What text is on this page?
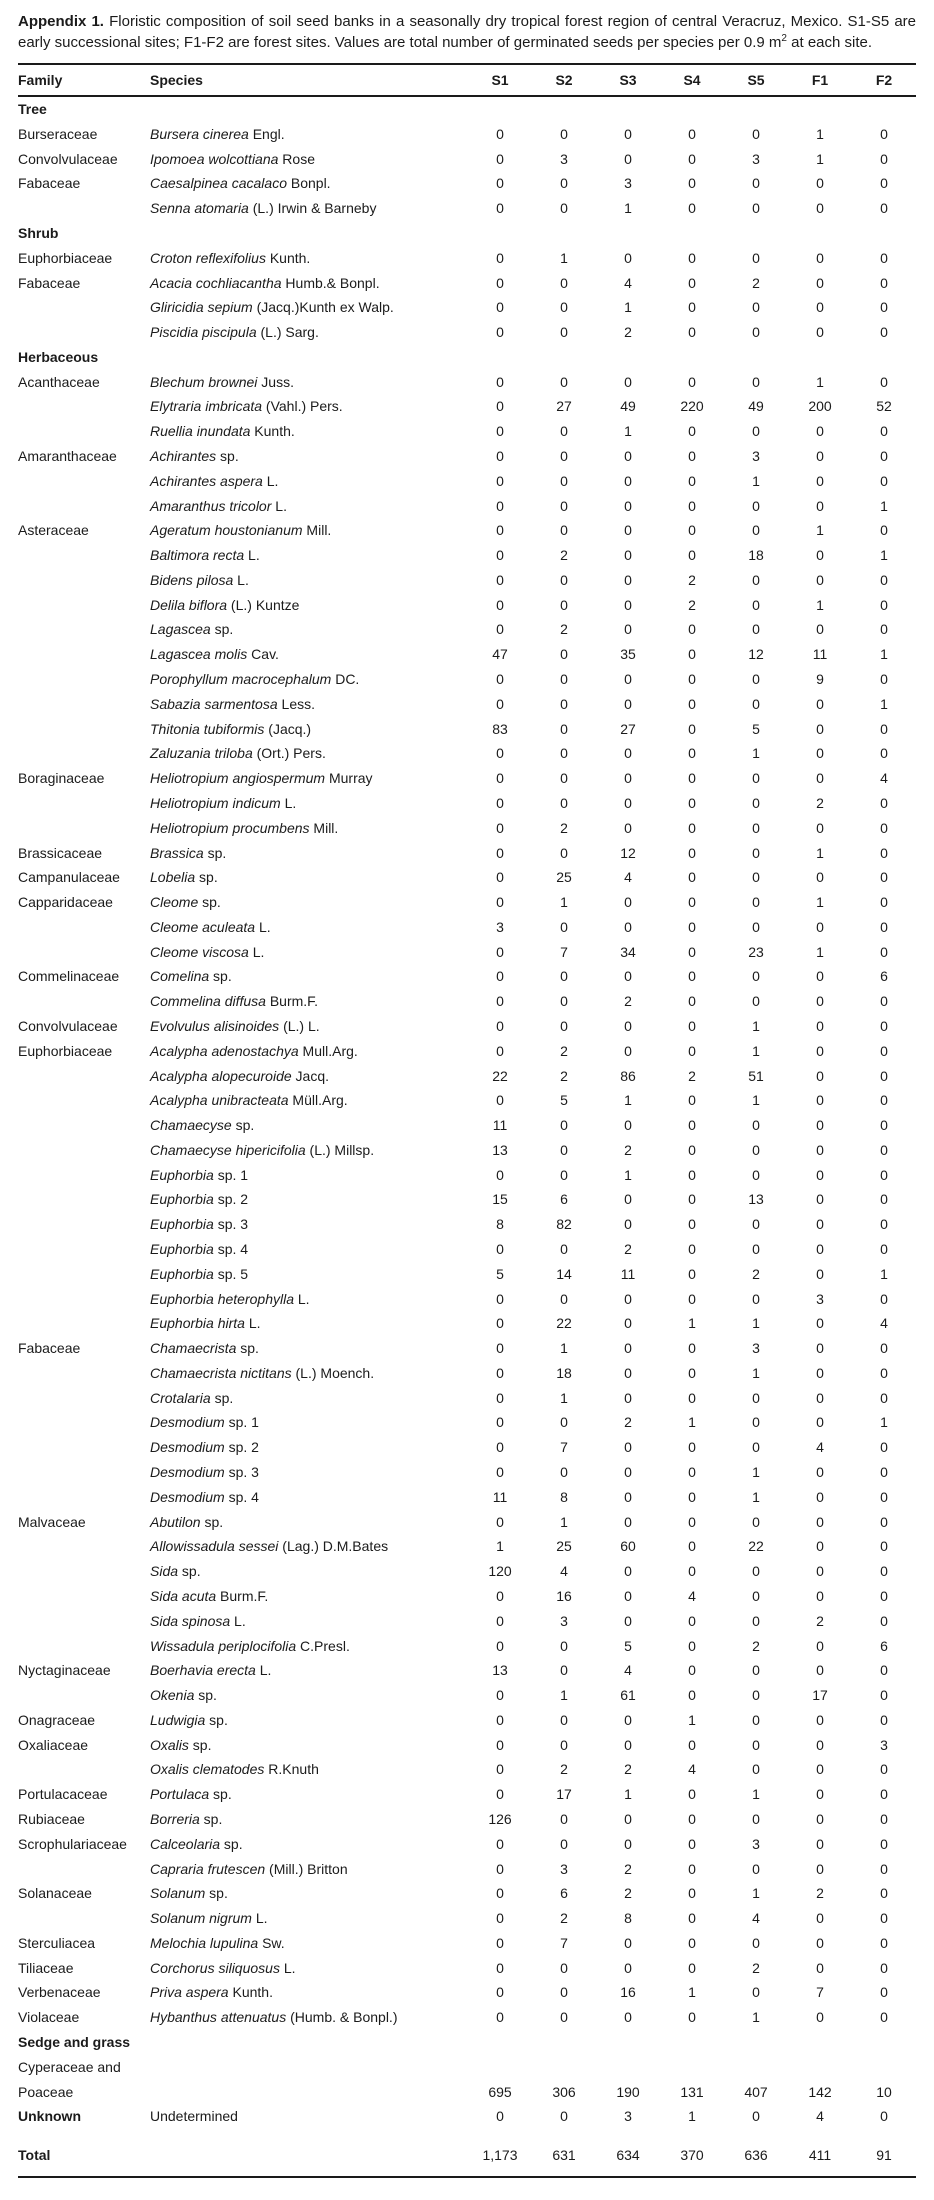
Appendix 1. Floristic composition of soil seed banks in a seasonally dry tropical forest region of central Veracruz, Mexico. S1-S5 are early successional sites; F1-F2 are forest sites. Values are total number of germinated seeds per species per 0.9 $m^2$ at each site.

Family	Species	S1	S2	S3	S4	S5	F1	F2
Tree								
Burseraceae	Bursera cinerea Engl.	0	0	0	0	0	1	0
Convolvulaceae	Ipomoea wolcottiana Rose	0	3	0	0	3	1	0
Fabaceae	Caesalpinea cacalaco Bonpl.	0	0	3	0	0	0	0
	Senna atomaria (L.) Irwin & Barneby	0	0	1	0	0	0	0
Shrub								
Euphorbiaceae	Croton reflexifolius Kunth.	0	1	0	0	0	0	0
Fabaceae	Acacia cochliacantha Humb.& Bonpl.	0	0	4	0	2	0	0
	Gliricidia sepium (Jacq.)Kunth ex Walp.	0	0	1	0	0	0	0
	Piscidia piscipula (L.) Sarg.	0	0	2	0	0	0	0
Herbaceous								
Acanthaceae	Blechum brownei Juss.	0	0	0	0	0	1	0
	Elytraria imbricata (Vahl.) Pers.	0	27	49	220	49	200	52
	Ruellia inundata Kunth.	0	0	1	0	0	0	0
Amaranthaceae	Achirantes sp.	0	0	0	0	3	0	0
	Achirantes aspera L.	0	0	0	0	1	0	0
	Amaranthus tricolor L.	0	0	0	0	0	0	1
Asteraceae	Ageratum houstonianum Mill.	0	0	0	0	0	1	0
	Baltimora recta L.	0	2	0	0	18	0	1
	Bidens pilosa L.	0	0	0	2	0	0	0
	Delila biflora (L.) Kuntze	0	0	0	2	0	1	0
	Lagascea sp.	0	2	0	0	0	0	0
	Lagascea molis Cav.	47	0	35	0	12	11	1
	Porophyllum macrocephalum DC.	0	0	0	0	0	9	0
	Sabazia sarmentosa Less.	0	0	0	0	0	0	1
	Thitonia tubiformis (Jacq.)	83	0	27	0	5	0	0
	Zaluzania triloba (Ort.) Pers.	0	0	0	0	1	0	0
Boraginaceae	Heliotropium angiospermum Murray	0	0	0	0	0	0	4
	Heliotropium indicum L.	0	0	0	0	0	2	0
	Heliotropium procumbens Mill.	0	2	0	0	0	0	0
Brassicaceae	Brassica sp.	0	0	12	0	0	1	0
Campanulaceae	Lobelia sp.	0	25	4	0	0	0	0
Capparidaceae	Cleome sp.	0	1	0	0	0	1	0
	Cleome aculeata L.	3	0	0	0	0	0	0
	Cleome viscosa L.	0	7	34	0	23	1	0
Commelinaceae	Comelina sp.	0	0	0	0	0	0	6
	Commelina diffusa Burm.F.	0	0	2	0	0	0	0
Convolvulaceae	Evolvulus alisinoides (L.) L.	0	0	0	0	1	0	0
Euphorbiaceae	Acalypha adenostachya Mull.Arg.	0	2	0	0	1	0	0
	Acalypha alopecuroide Jacq.	22	2	86	2	51	0	0
	Acalypha unibracteata Müll.Arg.	0	5	1	0	1	0	0
	Chamaecyse sp.	11	0	0	0	0	0	0
	Chamaecyse hipericifolia (L.) Millsp.	13	0	2	0	0	0	0
	Euphorbia sp. 1	0	0	1	0	0	0	0
	Euphorbia sp. 2	15	6	0	0	13	0	0
	Euphorbia sp. 3	8	82	0	0	0	0	0
	Euphorbia sp. 4	0	0	2	0	0	0	0
	Euphorbia sp. 5	5	14	11	0	2	0	1
	Euphorbia heterophylla L.	0	0	0	0	0	3	0
	Euphorbia hirta L.	0	22	0	1	1	0	4
Fabaceae	Chamaecrista sp.	0	1	0	0	3	0	0
	Chamaecrista nictitans (L.) Moench.	0	18	0	0	1	0	0
	Crotalaria sp.	0	1	0	0	0	0	0
	Desmodium sp. 1	0	0	2	1	0	0	1
	Desmodium sp. 2	0	7	0	0	0	4	0
	Desmodium sp. 3	0	0	0	0	1	0	0
	Desmodium sp. 4	11	8	0	0	1	0	0
Malvaceae	Abutilon sp.	0	1	0	0	0	0	0
	Allowissadula sessei (Lag.) D.M.Bates	1	25	60	0	22	0	0
	Sida sp.	120	4	0	0	0	0	0
	Sida acuta Burm.F.	0	16	0	4	0	0	0
	Sida spinosa L.	0	3	0	0	0	2	0
	Wissadula periplocifolia C.Presl.	0	0	5	0	2	0	6
Nyctaginaceae	Boerhavia erecta L.	13	0	4	0	0	0	0
	Okenia sp.	0	1	61	0	0	17	0
Onagraceae	Ludwigia sp.	0	0	0	1	0	0	0
Oxaliaceae	Oxalis sp.	0	0	0	0	0	0	3
	Oxalis clematodes R.Knuth	0	2	2	4	0	0	0
Portulacaceae	Portulaca sp.	0	17	1	0	1	0	0
Rubiaceae	Borreria sp.	126	0	0	0	0	0	0
Scrophulariaceae	Calceolaria sp.	0	0	0	0	3	0	0
	Capraria frutescen (Mill.) Britton	0	3	2	0	0	0	0
Solanaceae	Solanum sp.	0	6	2	0	1	2	0
	Solanum nigrum L.	0	2	8	0	4	0	0
Sterculiacea	Melochia lupulina Sw.	0	7	0	0	0	0	0
Tiliaceae	Corchorus siliquosus L.	0	0	0	0	2	0	0
Verbenaceae	Priva aspera Kunth.	0	0	16	1	0	7	0
Violaceae	Hybanthus attenuatus (Humb. & Bonpl.)	0	0	0	0	1	0	0
Sedge and grass								
Cyperaceae and								
Poaceae		695	306	190	131	407	142	10
Unknown	Undetermined	0	0	3	1	0	4	0
Total		1,173	631	634	370	636	411	91
